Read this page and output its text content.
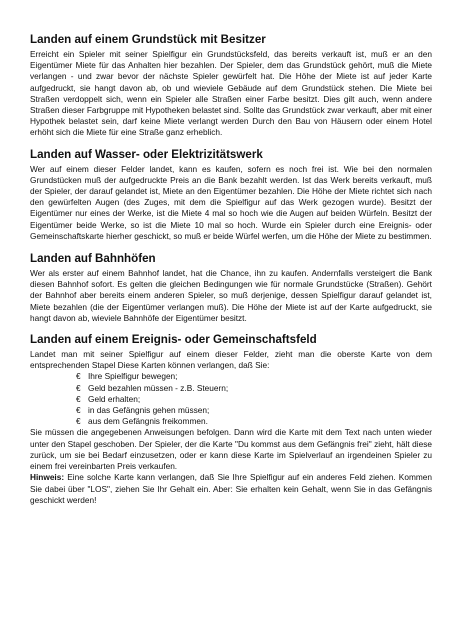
Landen auf einem Grundstück mit Besitzer

Erreicht ein Spieler mit seiner Spielfigur ein Grundstücksfeld, das bereits verkauft ist, muß er an den Eigentümer Miete für das Anhalten hier bezahlen. Der Spieler, dem das Grundstück gehört, muß die Miete verlangen - und zwar bevor der nächste Spieler gewürfelt hat. Die Höhe der Miete ist auf jeder Karte aufgedruckt, sie hangt davon ab, ob und wieviele Gebäude auf dem Grundstück stehen. Die Miete bei Straßen verdoppelt sich, wenn ein Spieler alle Straßen einer Farbe besitzt. Dies gilt auch, wenn andere Straßen dieser Farbgruppe mit Hypotheken belastet sind. Sollte das Grundstück zwar verkauft, aber mit einer Hypothek belastet sein, darf keine Miete verlangt werden Durch den Bau von Häusern oder einem Hotel erhöht sich die Miete für eine Straße ganz erheblich.

Landen auf Wasser- oder Elektrizitätswerk

Wer auf einem dieser Felder landet, kann es kaufen, sofern es noch frei ist. Wie bei den normalen Grundstücken muß der aufgedruckte Preis an die Bank bezahlt werden. Ist das Werk bereits verkauft, muß der Spieler, der darauf gelandet ist, Miete an den Eigentümer bezahlen. Die Höhe der Miete richtet sich nach den gewürfelten Augen (des Zuges, mit dem die Spielfigur auf das Werk gezogen wurde). Besitzt der Eigentümer nur eines der Werke, ist die Miete 4 mal so hoch wie die Augen auf beiden Würfeln. Besitzt der Eigentümer beide Werke, so ist die Miete 10 mal so hoch. Wurde ein Spieler durch eine Ereignis- oder Gemeinschaftskarte hierher geschickt, so muß er beide Würfel werfen, um die Höhe der Miete zu bestimmen.

Landen auf Bahnhöfen

Wer als erster auf einem Bahnhof landet, hat die Chance, ihn zu kaufen. Andernfalls versteigert die Bank diesen Bahnhof sofort. Es gelten die gleichen Bedingungen wie für normale Grundstücke (Straßen). Gehört der Bahnhof aber bereits einem anderen Spieler, so muß derjenige, dessen Spielfigur darauf gelandet ist, Miete bezahlen (die der Eigentümer verlangen muß). Die Höhe der Miete ist auf der Karte aufgedruckt, sie hangt davon ab, wieviele Bahnhöfe der Eigentümer besitzt.

Landen auf einem Ereignis- oder Gemeinschaftsfeld

Landet man mit seiner Spielfigur auf einem dieser Felder, zieht man die oberste Karte von dem entsprechenden Stapel Diese Karten können verlangen, daß Sie:

€ Ihre Spielfigur bewegen;
€ Geld bezahlen müssen - z.B. Steuern;
€ Geld erhalten;
€ in das Gefängnis gehen müssen;
€ aus dem Gefängnis freikommen.

Sie müssen die angegebenen Anweisungen befolgen. Dann wird die Karte mit dem Text nach unten wieder unter den Stapel geschoben. Der Spieler, der die Karte "Du kommst aus dem Gefängnis frei" zieht, hält diese zurück, um sie bei Bedarf einzusetzen, oder er kann diese Karte im Spielverlauf an irgendeinen Spieler zu einem frei vereinbarten Preis verkaufen.

Hinweis: Eine solche Karte kann verlangen, daß Sie Ihre Spielfigur auf ein anderes Feld ziehen. Kommen Sie dabei über "LOS", ziehen Sie Ihr Gehalt ein. Aber: Sie erhalten kein Gehalt, wenn Sie in das Gefängnis geschickt werden!
